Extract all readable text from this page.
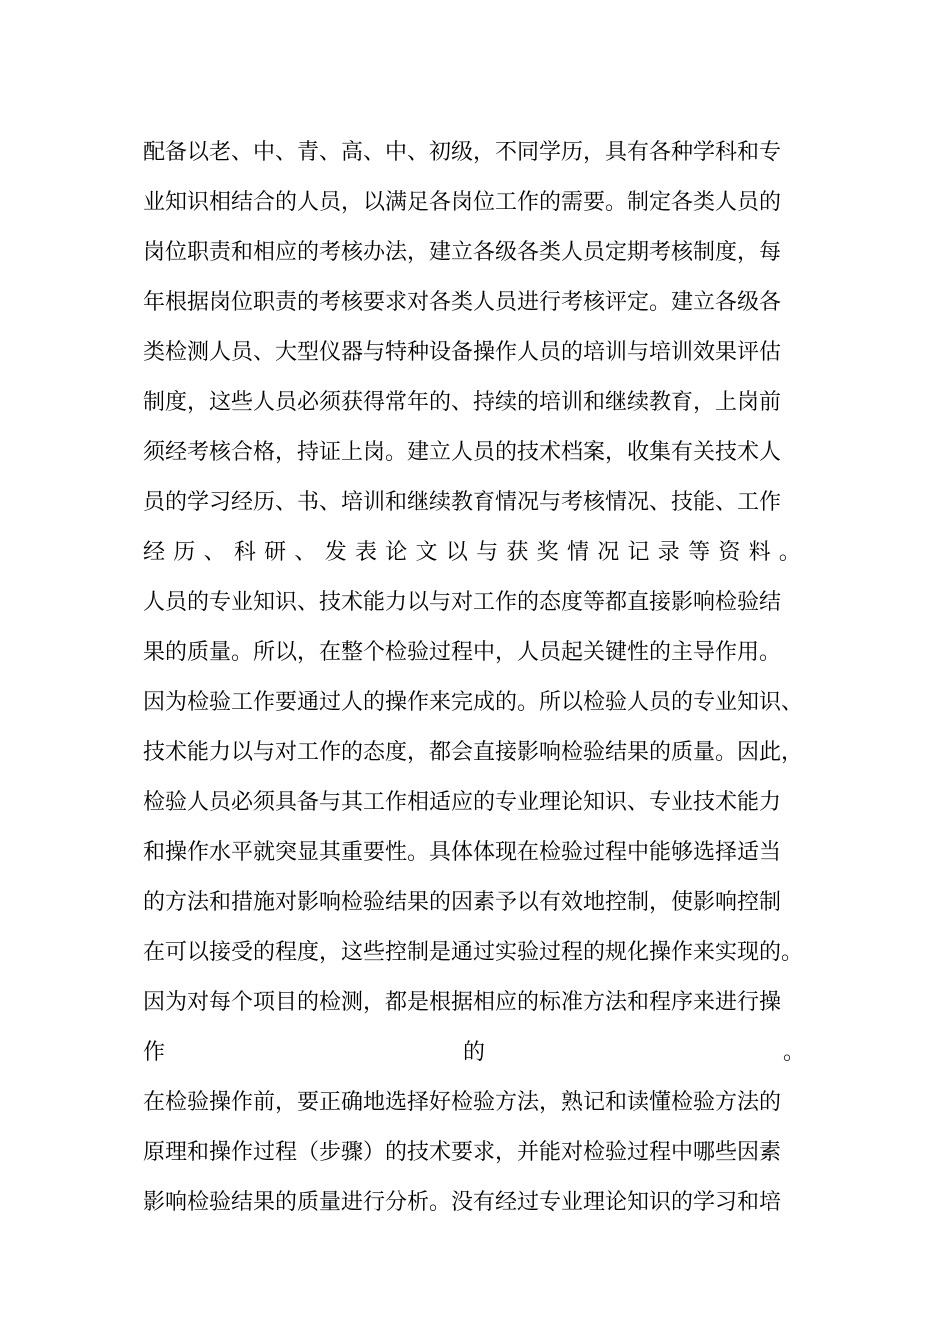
配备以老、中、青、高、中、初级，不同学历，具有各种学科和专
业知识相结合的人员，以满足各岗位工作的需要。制定各类人员的
岗位职责和相应的考核办法，建立各级各类人员定期考核制度，每
年根据岗位职责的考核要求对各类人员进行考核评定。建立各级各
类检测人员、大型仪器与特种设备操作人员的培训与培训效果评估
制度，这些人员必须获得常年的、持续的培训和继续教育，上岗前
须经考核合格，持证上岗。建立人员的技术档案，收集有关技术人
员的学习经历、书、培训和继续教育情况与考核情况、技能、工作
经 历 、 科 研 、 发 表 论 文 以 与 获 奖 情 况 记 录 等 资 料 。
人员的专业知识、技术能力以与对工作的态度等都直接影响检验结
果的质量。所以，在整个检验过程中，人员起关键性的主导作用。
因为检验工作要通过人的操作来完成的。所以检验人员的专业知识、
技术能力以与对工作的态度，都会直接影响检验结果的质量。因此，
检验人员必须具备与其工作相适应的专业理论知识、专业技术能力
和操作水平就突显其重要性。具体体现在检验过程中能够选择适当
的方法和措施对影响检验结果的因素予以有效地控制，使影响控制
在可以接受的程度，这些控制是通过实验过程的规化操作来实现的。
因为对每个项目的检测，都是根据相应的标准方法和程序来进行操
作	的	。
在检验操作前，要正确地选择好检验方法，熟记和读懂检验方法的
原理和操作过程（步骤）的技术要求，并能对检验过程中哪些因素
影响检验结果的质量进行分析。没有经过专业理论知识的学习和培
